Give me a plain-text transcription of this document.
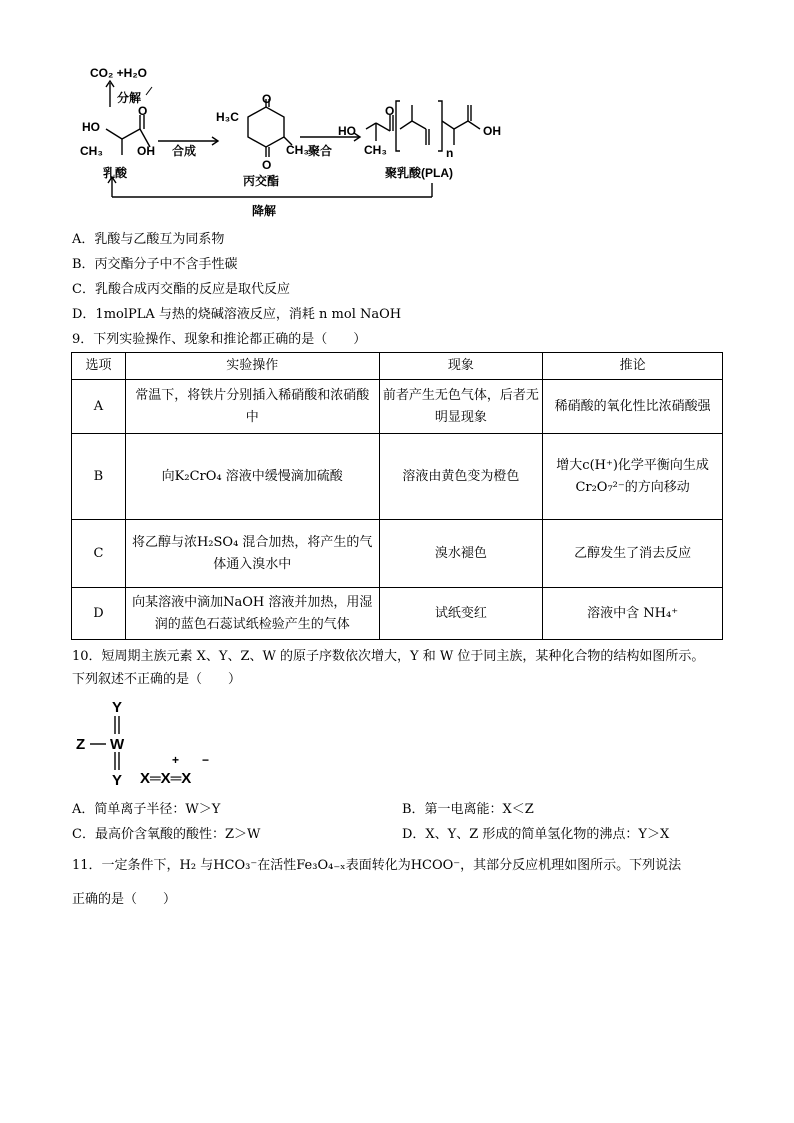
CO₂ +H₂O
分解
HO
O
OH
CH₃
乳酸
合成
H₃C
O
O
CH₃ 聚合
丙交酯
HO
CH₃
O
n
OH
聚乳酸(PLA)
降解
A．乳酸与乙酸互为同系物
B．丙交酯分子中不含手性碳
C．乳酸合成丙交酯的反应是取代反应
D．1molPLA 与热的烧碱溶液反应，消耗 n mol NaOH
9．下列实验操作、现象和推论都正确的是（　　）
选项	实验操作	现象	推论
A	常温下，将铁片分别插入稀硝酸和浓硝酸中	前者产生无色气体，后者无明显现象	稀硝酸的氧化性比浓硝酸强
B	向K₂CrO₄ 溶液中缓慢滴加硫酸	溶液由黄色变为橙色	增大c(H⁺)化学平衡向生成Cr₂O₇²⁻的方向移动
C	将乙醇与浓H₂SO₄ 混合加热，将产生的气体通入溴水中	溴水褪色	乙醇发生了消去反应
D	向某溶液中滴加NaOH 溶液并加热，用湿润的蓝色石蕊试纸检验产生的气体	试纸变红	溶液中含 NH₄⁺
10．短周期主族元素 X、Y、Z、W 的原子序数依次增大，Y 和 W 位于同主族，某种化合物的结构如图所示。
下列叙述不正确的是（　　）
Y
Z W
Y
+ −
X═X═X
A．简单离子半径：W＞Y	B．第一电离能：X＜Z
C．最高价含氧酸的酸性：Z＞W	D．X、Y、Z 形成的简单氢化物的沸点：Y＞X
11．一定条件下，H₂ 与HCO₃⁻在活性Fe₃O₄₋ₓ表面转化为HCOO⁻，其部分反应机理如图所示。下列说法
正确的是（　　）
